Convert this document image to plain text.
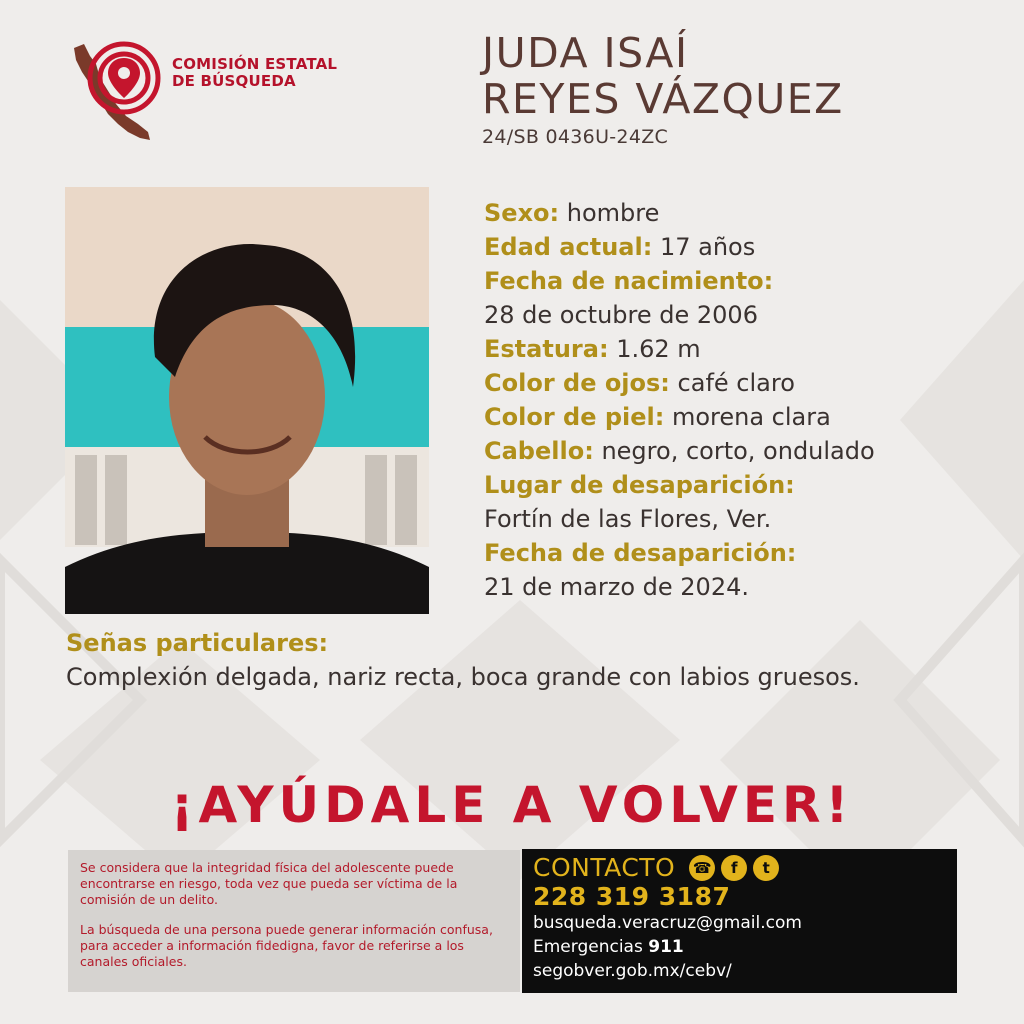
COMISIÓN ESTATAL
DE BÚSQUEDA
JUDA ISAÍ
REYES VÁZQUEZ
24/SB 0436U-24ZC
Sexo: hombre
Edad actual: 17 años
Fecha de nacimiento:
28 de octubre de 2006
Estatura: 1.62 m
Color de ojos: café claro
Color de piel: morena clara
Cabello: negro, corto, ondulado
Lugar de desaparición:
Fortín de las Flores, Ver.
Fecha de desaparición:
21 de marzo de 2024.
Señas particulares:
Complexión delgada, nariz recta, boca grande con labios gruesos.
¡AYÚDALE A VOLVER!

Se considera que la integridad física del adolescente puede encontrarse en riesgo, toda vez que pueda ser víctima de la comisión de un delito.

La búsqueda de una persona puede generar información confusa, para acceder a información fidedigna, favor de referirse a los canales oficiales.

CONTACTO ☎	f	t
228 319 3187
busqueda.veracruz@gmail.com
Emergencias 911
segobver.gob.mx/cebv/
